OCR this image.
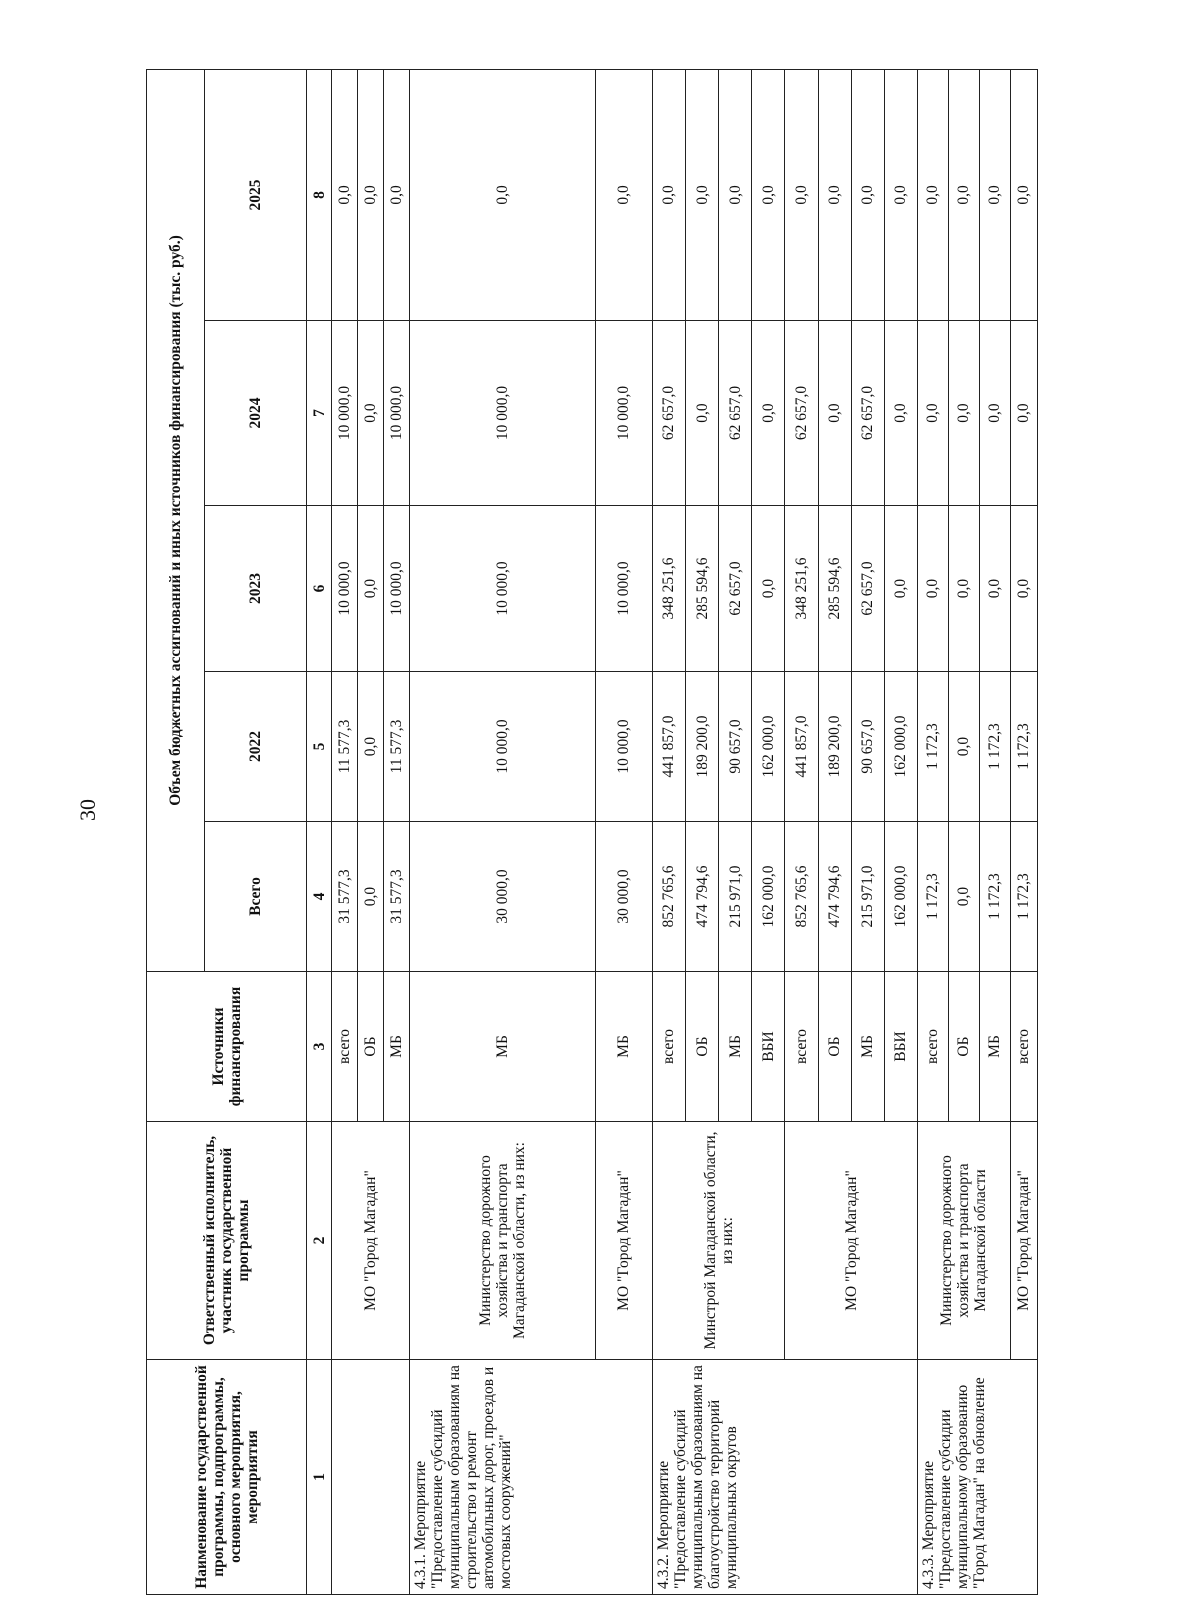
30
Наименование государственной программы, подпрограммы, основного мероприятия, мероприятия	Ответственный исполнитель, участник государственной программы	Источники финансирования	Объем бюджетных ассигнований и иных источников финансирования (тыс. руб.)				
			Всего	2022	2023	2024	2025
1	2	3	4	5	6	7	8
	МО "Город Магадан"	всего	31 577,3	11 577,3	10 000,0	10 000,0	0,0
		ОБ	0,0	0,0	0,0	0,0	0,0
		МБ	31 577,3	11 577,3	10 000,0	10 000,0	0,0
4.3.1. Мероприятие "Предоставление субсидий муниципальным образованиям на строительство и ремонт автомобильных дорог, проездов и мостовых сооружений"	Министерство дорожного хозяйства и транспорта Магаданской области, из них:	МБ	30 000,0	10 000,0	10 000,0	10 000,0	0,0
	МО "Город Магадан"	МБ	30 000,0	10 000,0	10 000,0	10 000,0	0,0
4.3.2. Мероприятие "Предоставление субсидий муниципальным образованиям на благоустройство территорий муниципальных округов	Минстрой Магаданской области, из них:	всего	852 765,6	441 857,0	348 251,6	62 657,0	0,0
		ОБ	474 794,6	189 200,0	285 594,6	0,0	0,0
		МБ	215 971,0	90 657,0	62 657,0	62 657,0	0,0
		ВБИ	162 000,0	162 000,0	0,0	0,0	0,0
	МО "Город Магадан"	всего	852 765,6	441 857,0	348 251,6	62 657,0	0,0
		ОБ	474 794,6	189 200,0	285 594,6	0,0	0,0
		МБ	215 971,0	90 657,0	62 657,0	62 657,0	0,0
		ВБИ	162 000,0	162 000,0	0,0	0,0	0,0
4.3.3. Мероприятие "Предоставление субсидии муниципальному образованию "Город Магадан" на обновление	Министерство дорожного хозяйства и транспорта Магаданской области	всего	1 172,3	1 172,3	0,0	0,0	0,0
		ОБ	0,0	0,0	0,0	0,0	0,0
		МБ	1 172,3	1 172,3	0,0	0,0	0,0
	МО "Город Магадан"	всего	1 172,3	1 172,3	0,0	0,0	0,0
